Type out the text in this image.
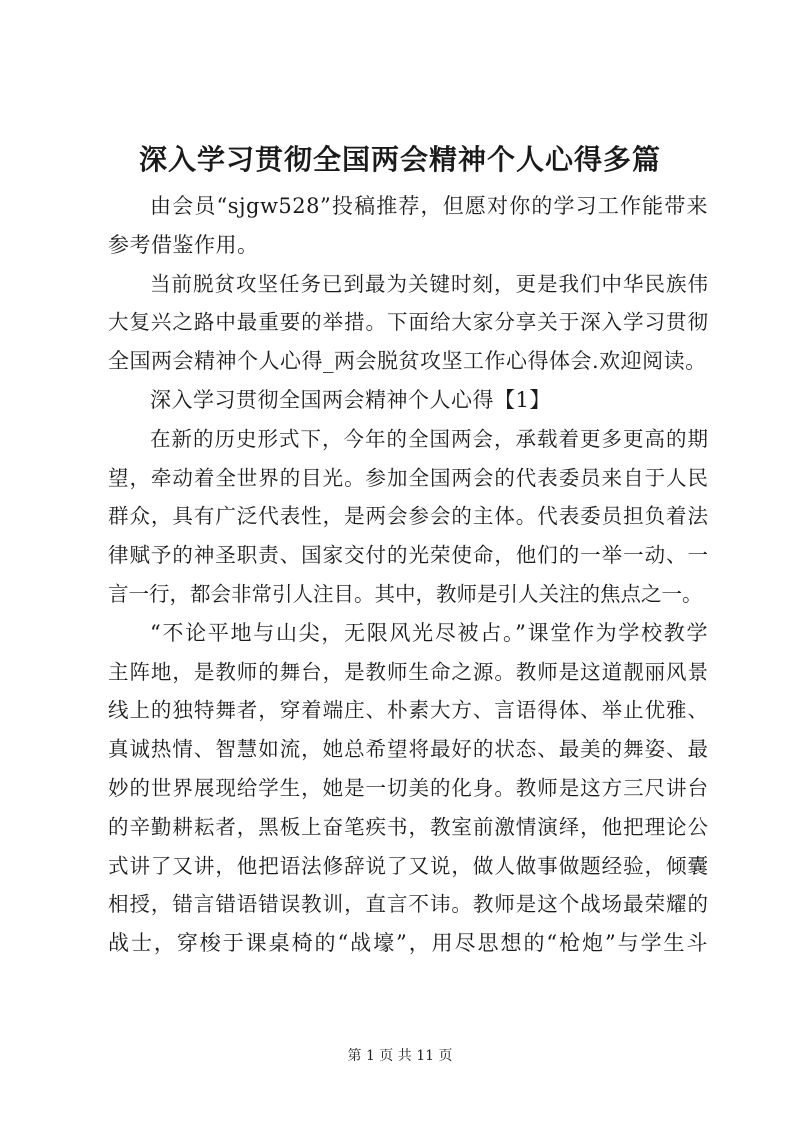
深入学习贯彻全国两会精神个人心得多篇
由会员“sjgw528”投稿推荐，但愿对你的学习工作能带来
参考借鉴作用。
当前脱贫攻坚任务已到最为关键时刻，更是我们中华民族伟
大复兴之路中最重要的举措。下面给大家分享关于深入学习贯彻
全国两会精神个人心得_两会脱贫攻坚工作心得体会.欢迎阅读。
深入学习贯彻全国两会精神个人心得【1】
在新的历史形式下，今年的全国两会，承载着更多更高的期
望，牵动着全世界的目光。参加全国两会的代表委员来自于人民
群众，具有广泛代表性，是两会参会的主体。代表委员担负着法
律赋予的神圣职责、国家交付的光荣使命，他们的一举一动、一
言一行，都会非常引人注目。其中，教师是引人关注的焦点之一。
“不论平地与山尖，无限风光尽被占。”课堂作为学校教学
主阵地，是教师的舞台，是教师生命之源。教师是这道靓丽风景
线上的独特舞者，穿着端庄、朴素大方、言语得体、举止优雅、
真诚热情、智慧如流，她总希望将最好的状态、最美的舞姿、最
妙的世界展现给学生，她是一切美的化身。教师是这方三尺讲台
的辛勤耕耘者，黑板上奋笔疾书，教室前激情演绎，他把理论公
式讲了又讲，他把语法修辞说了又说，做人做事做题经验，倾囊
相授，错言错语错误教训，直言不讳。教师是这个战场最荣耀的
战士，穿梭于课桌椅的“战壕”，用尽思想的“枪炮”与学生斗
第 1 页 共 11 页
